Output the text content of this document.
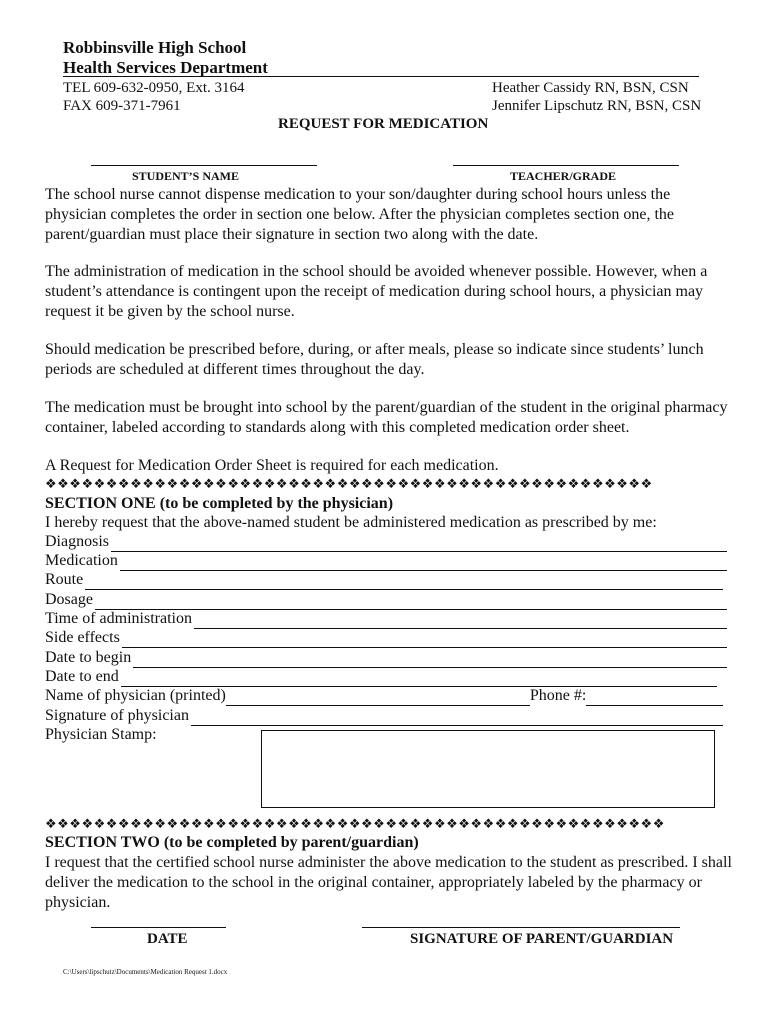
Robbinsville High School
Health Services Department
TEL 609-632-0950, Ext. 3164
FAX 609-371-7961
Heather Cassidy RN, BSN, CSN
Jennifer Lipschutz RN, BSN, CSN
REQUEST FOR MEDICATION
STUDENT’S NAME	TEACHER/GRADE
The school nurse cannot dispense medication to your son/daughter during school hours unless the physician completes the order in section one below. After the physician completes section one, the parent/guardian must place their signature in section two along with the date.
The administration of medication in the school should be avoided whenever possible. However, when a student’s attendance is contingent upon the receipt of medication during school hours, a physician may request it be given by the school nurse.
Should medication be prescribed before, during, or after meals, please so indicate since students’ lunch periods are scheduled at different times throughout the day.
The medication must be brought into school by the parent/guardian of the student in the original pharmacy container, labeled according to standards along with this completed medication order sheet.
A Request for Medication Order Sheet is required for each medication.
❖❖❖❖❖❖❖❖❖❖❖❖❖❖❖❖❖❖❖❖❖❖❖❖❖❖❖❖❖❖❖❖❖❖❖❖❖❖❖❖❖❖❖❖❖❖❖❖❖❖
SECTION ONE (to be completed by the physician)
I hereby request that the above-named student be administered medication as prescribed by me:
Diagnosis
Medication
Route
Dosage
Time of administration
Side effects
Date to begin
Date to end
Name of physician (printed)	Phone #:
Signature of physician
Physician Stamp:
❖❖❖❖❖❖❖❖❖❖❖❖❖❖❖❖❖❖❖❖❖❖❖❖❖❖❖❖❖❖❖❖❖❖❖❖❖❖❖❖❖❖❖❖❖❖❖❖❖❖❖
SECTION TWO (to be completed by parent/guardian)
I request that the certified school nurse administer the above medication to the student as prescribed. I shall deliver the medication to the school in the original container, appropriately labeled by the pharmacy or physician.
DATE	SIGNATURE OF PARENT/GUARDIAN
C:\Users\lipschutz\Documents\Medication Request 1.docx
